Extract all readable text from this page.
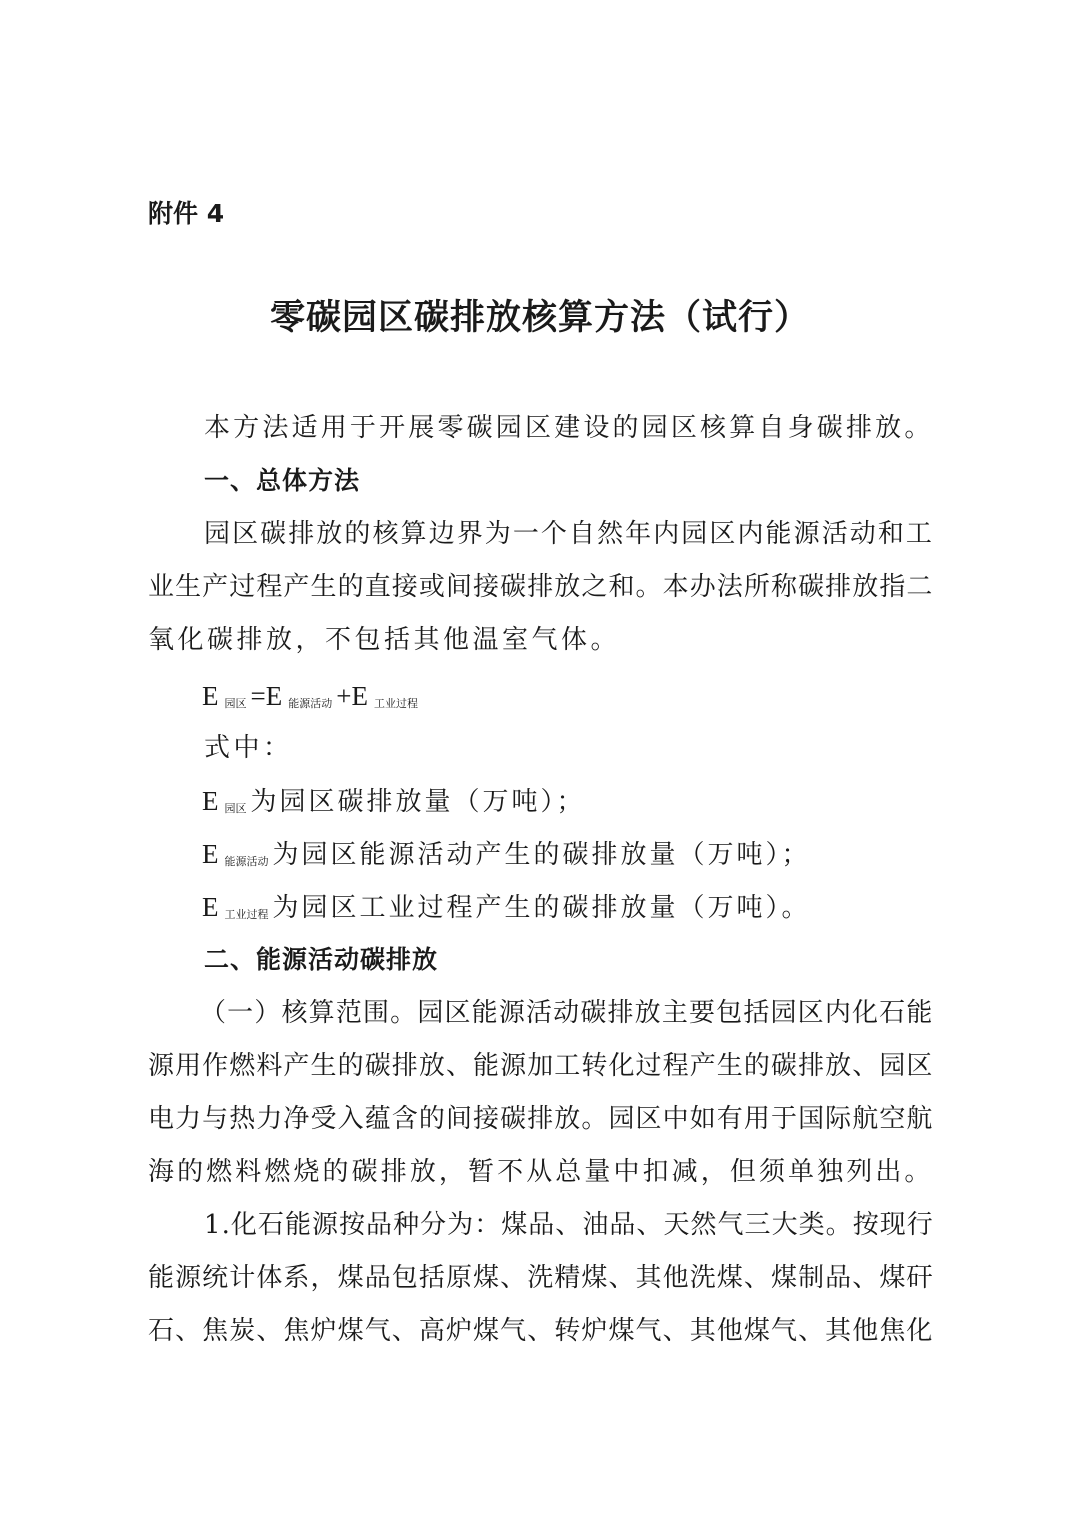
附件 4
零碳园区碳排放核算方法（试行）
本方法适用于开展零碳园区建设的园区核算自身碳排放。
一、总体方法
园区碳排放的核算边界为一个自然年内园区内能源活动和工
业生产过程产生的直接或间接碳排放之和。本办法所称碳排放指二
氧化碳排放，不包括其他温室气体。
E园区 =E 能源活动 +E 工业过程
式中：
E园区 为园区碳排放量（万吨）；
E能源活动 为园区能源活动产生的碳排放量（万吨）；
E工业过程 为园区工业过程产生的碳排放量（万吨）。
二、能源活动碳排放
（一）核算范围。园区能源活动碳排放主要包括园区内化石能
源用作燃料产生的碳排放、能源加工转化过程产生的碳排放、园区
电力与热力净受入蕴含的间接碳排放。园区中如有用于国际航空航
海的燃料燃烧的碳排放，暂不从总量中扣减，但须单独列出。
1.化石能源按品种分为：煤品、油品、天然气三大类。按现行
能源统计体系，煤品包括原煤、洗精煤、其他洗煤、煤制品、煤矸
石、焦炭、焦炉煤气、高炉煤气、转炉煤气、其他煤气、其他焦化
